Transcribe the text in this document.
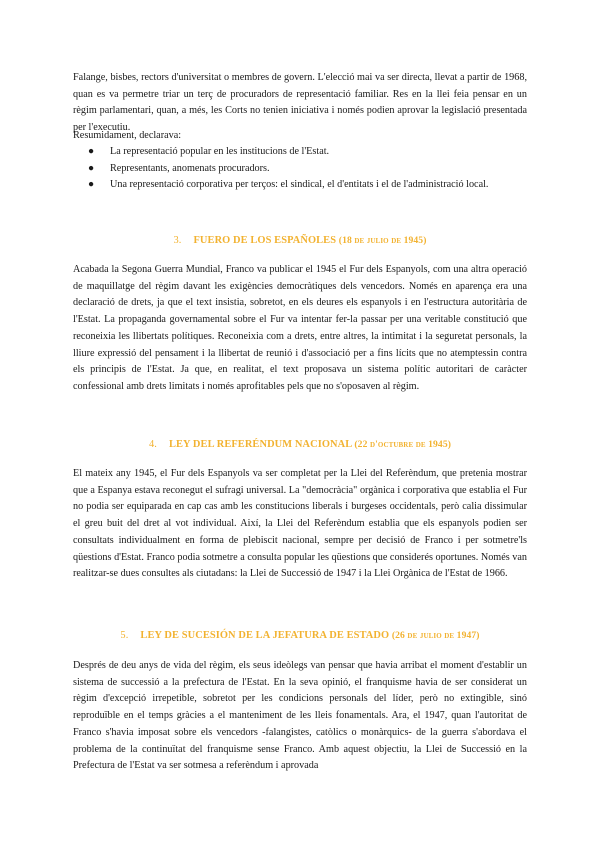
Falange, bisbes, rectors d'universitat o membres de govern. L'elecció mai va ser directa, llevat a partir de 1968, quan es va permetre triar un terç de procuradors de representació familiar. Res en la llei feia pensar en un règim parlamentari, quan, a més, les Corts no tenien iniciativa i només podien aprovar la legislació presentada per l'executiu.

Resumidament, declarava:

● La representació popular en les institucions de l'Estat.
● Representants, anomenats procuradors.
● Una representació corporativa per terços: el sindical, el d'entitats i el de l'administració local.

3. FUERO DE LOS ESPAÑOLES (18 de julio de 1945)

Acabada la Segona Guerra Mundial, Franco va publicar el 1945 el Fur dels Espanyols, com una altra operació de maquillatge del règim davant les exigències democràtiques dels vencedors. Només en aparença era una declaració de drets, ja que el text insistia, sobretot, en els deures els espanyols i en l'estructura autoritària de l'Estat. La propaganda governamental sobre el Fur va intentar fer-la passar per una veritable constitució que reconeixia les llibertats polítiques. Reconeixia com a drets, entre altres, la intimitat i la seguretat personals, la lliure expressió del pensament i la llibertat de reunió i d'associació per a fins lícits que no atemptessin contra els principis de l'Estat. Ja que, en realitat, el text proposava un sistema polític autoritari de caràcter confessional amb drets limitats i només aprofitables pels que no s'oposaven al règim.

4. LEY DEL REFERÉNDUM NACIONAL (22 d'octubre de 1945)

El mateix any 1945, el Fur dels Espanyols va ser completat per la Llei del Referèndum, que pretenia mostrar que a Espanya estava reconegut el sufragi universal. La "democràcia" orgànica i corporativa que establia el Fur no podia ser equiparada en cap cas amb les constitucions liberals i burgeses occidentals, però calia dissimular el greu buit del dret al vot individual. Així, la Llei del Referèndum establia que els espanyols podien ser consultats individualment en forma de plebiscit nacional, sempre per decisió de Franco i per sotmetre'ls qüestions d'Estat. Franco podia sotmetre a consulta popular les qüestions que considerés oportunes. Només van realitzar-se dues consultes als ciutadans: la Llei de Successió de 1947 i la Llei Orgànica de l'Estat de 1966.

5. LEY DE SUCESIÓN DE LA JEFATURA DE ESTADO (26 de julio de 1947)

Després de deu anys de vida del règim, els seus ideòlegs van pensar que havia arribat el moment d'establir un sistema de successió a la prefectura de l'Estat. En la seva opinió, el franquisme havia de ser considerat un règim d'excepció irrepetible, sobretot per les condicions personals del líder, però no extingible, sinó reproduïble en el temps gràcies a el manteniment de les lleis fonamentals. Ara, el 1947, quan l'autoritat de Franco s'havia imposat sobre els vencedors -falangistes, catòlics o monàrquics- de la guerra s'abordava el problema de la continuïtat del franquisme sense Franco. Amb aquest objectiu, la Llei de Successió en la Prefectura de l'Estat va ser sotmesa a referèndum i aprovada
